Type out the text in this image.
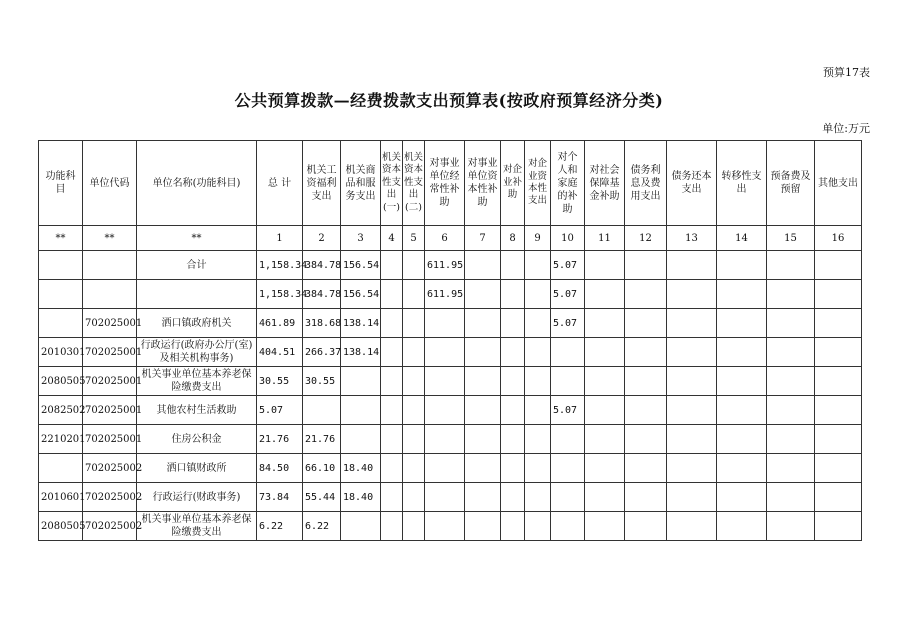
预算17表
公共预算拨款—经费拨款支出预算表(按政府预算经济分类)
单位:万元
功能科目	单位代码	单位名称(功能科目)	总 计	机关工资福利支出	机关商品和服务支出	机关资本性支出(一)	机关资本性支出(二)	对事业单位经常性补助	对事业单位资本性补助	对企业补助	对企业资本性支出	对个人和家庭的补助	对社会保障基金补助	债务利息及费用支出	债务还本支出	转移性支出	预备费及预留	其他支出
**	**	**	1	2	3	4	5	6	7	8	9	10	11	12	13	14	15	16
		合计	1,158.34	384.78	156.54			611.95				5.07						
			1,158.34	384.78	156.54			611.95				5.07						
	702025001	洒口镇政府机关	461.89	318.68	138.14							5.07						
2010301	702025001	行政运行(政府办公厅(室)及相关机构事务)	404.51	266.37	138.14													
2080505	702025001	机关事业单位基本养老保险缴费支出	30.55	30.55														
2082502	702025001	其他农村生活救助	5.07									5.07						
2210201	702025001	住房公积金	21.76	21.76														
	702025002	洒口镇财政所	84.50	66.10	18.40													
2010601	702025002	行政运行(财政事务)	73.84	55.44	18.40													
2080505	702025002	机关事业单位基本养老保险缴费支出	6.22	6.22														
